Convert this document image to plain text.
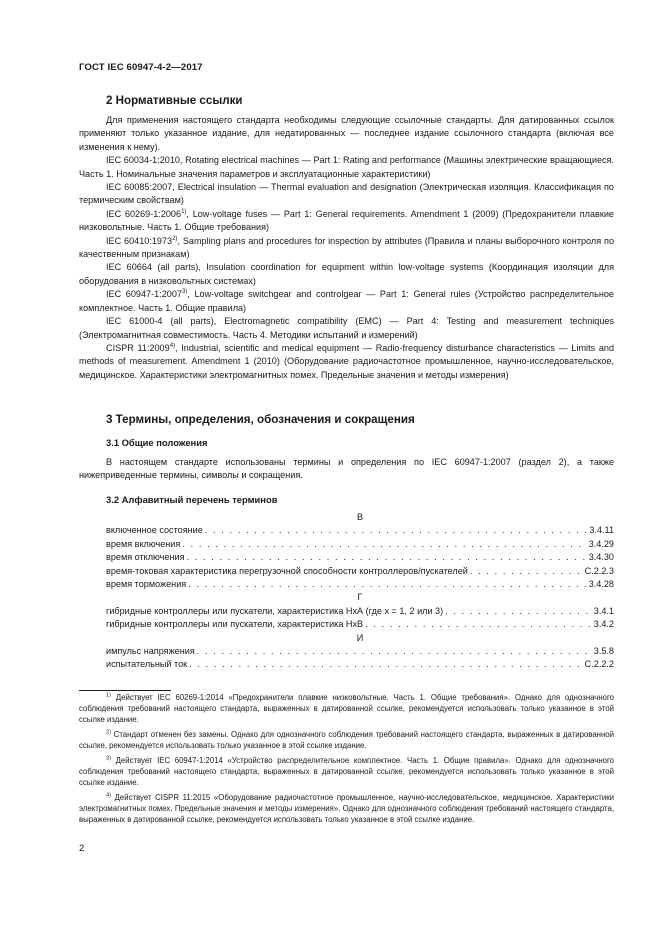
ГОСТ IEC 60947-4-2—2017
2 Нормативные ссылки

Для применения настоящего стандарта необходимы следующие ссылочные стандарты. Для датированных ссылок применяют только указанное издание, для недатированных — последнее издание ссылочного стандарта (включая все изменения к нему).

IEC 60034-1:2010, Rotating electrical machines — Part 1: Rating and performance (Машины электрические вращающиеся. Часть 1. Номинальные значения параметров и эксплуатационные характеристики)

IEC 60085:2007, Electrical insulation — Thermal evaluation and designation (Электрическая изоляция. Классификация по термическим свойствам)

IEC 60269-1:2006$^{1)}$, Low-voltage fuses — Part 1: General requirements. Amendment 1 (2009) (Предохранители плавкие низковольтные. Часть 1. Общие требования)

IEC 60410:1973$^{2)}$, Sampling plans and procedures for inspection by attributes (Правила и планы выборочного контроля по качественным признакам)

IEC 60664 (all parts), Insulation coordination for equipment within low-voltage systems (Координация изоляции для оборудования в низковольтных системах)

IEC 60947-1:2007$^{3)}$, Low-voltage switchgear and controlgear — Part 1: General rules (Устройство распределительное комплектное. Часть 1. Общие правила)

IEC 61000-4 (all parts), Electromagnetic compatibility (EMC) — Part 4: Testing and measurement techniques (Электромагнитная совместимость. Часть 4. Методики испытаний и измерений)

CISPR 11:2009$^{4)}$, Industrial, scientific and medical equipment — Radio-frequency disturbance characteristics — Limits and methods of measurement. Amendment 1 (2010) (Оборудование радиочастотное промышленное, научно-исследовательское, медицинское. Характеристики электромагнитных помех. Предельные значения и методы измерения)

3 Термины, определения, обозначения и сокращения
3.1 Общие положения

В настоящем стандарте использованы термины и определения по IEC 60947-1:2007 (раздел 2), а также нижеприведенные термины, символы и сокращения.

3.2 Алфавитный перечень терминов
В
включенное состояние . . .	3.4.11
время включения . . .	3.4.29
время отключения . . .	3.4.30
время-токовая характеристика перегрузочной способности контроллеров/пускателей . . .	C.2.2.3
время торможения . . .	3.4.28
Г
гибридные контроллеры или пускатели, характеристика НхА (где х = 1, 2 или 3) . . .	3.4.1
гибридные контроллеры или пускатели, характеристика НхВ . . .	3.4.2
И
импульс напряжения . . .	3.5.8
испытательный ток . . .	C.2.2.2

$^{1)}$ Действует IEC 60269-1:2014 «Предохранители плавкие низковольтные. Часть 1. Общие требования». Однако для однозначного соблюдения требований настоящего стандарта, выраженных в датированной ссылке, рекомендуется использовать только указанное в этой ссылке издание.

$^{2)}$ Стандарт отменен без замены. Однако для однозначного соблюдения требований настоящего стандарта, выраженных в датированной ссылке, рекомендуется использовать только указанное в этой ссылке издание.

$^{3)}$ Действует IEC 60947-1:2014 «Устройство распределительное комплектное. Часть 1. Общие правила». Однако для однозначного соблюдения требований настоящего стандарта, выраженных в датированной ссылке, рекомендуется использовать только указанное в этой ссылке издание.

$^{4)}$ Действует CISPR 11:2015 «Оборудование радиочастотное промышленное, научно-исследовательское, медицинское. Характеристики электромагнитных помех. Предельные значения и методы измерения». Однако для однозначного соблюдения требований настоящего стандарта, выраженных в датированной ссылке, рекомендуется использовать только указанное в этой ссылке издание.

2
